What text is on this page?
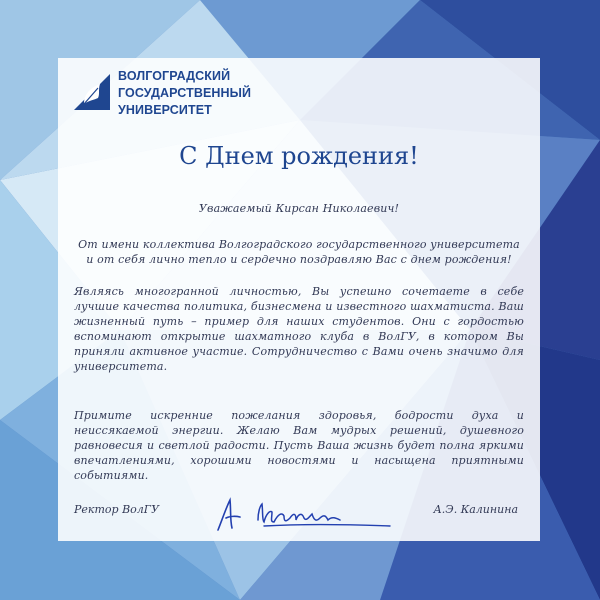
ВОЛГОГРАДСКИЙ
ГОСУДАРСТВЕННЫЙ
УНИВЕРСИТЕТ
С Днем рождения!
Уважаемый Кирсан Николаевич!
От имени коллектива Волгоградского государственного университета и от себя лично тепло и сердечно поздравляю Вас с днем рождения!
Являясь многогранной личностью, Вы успешно сочетаете в себе лучшие качества политика, бизнесмена и известного шахматиста. Ваш жизненный путь – пример для наших студентов. Они с гордостью вспоминают открытие шахматного клуба в ВолГУ, в котором Вы приняли активное участие. Сотрудничество с Вами очень значимо для университета.
Примите искренние пожелания здоровья, бодрости духа и неиссякаемой энергии. Желаю Вам мудрых решений, душевного равновесия и светлой радости. Пусть Ваша жизнь будет полна яркими впечатлениями, хорошими новостями и насыщена приятными событиями.
Ректор ВолГУ	А.Э. Калинина
